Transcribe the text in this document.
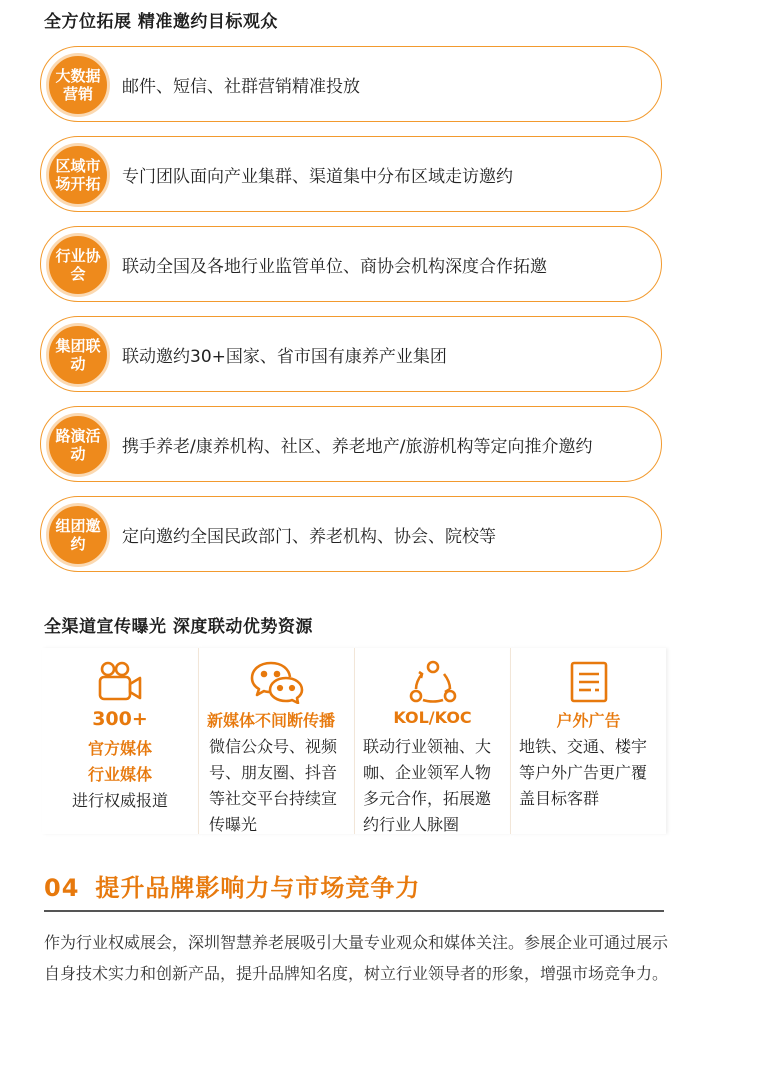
全方位拓展 精准邀约目标观众
大数据营销	邮件、短信、社群营销精准投放
区域市场开拓	专门团队面向产业集群、渠道集中分布区域走访邀约
行业协会	联动全国及各地行业监管单位、商协会机构深度合作拓邀
集团联动	联动邀约30+国家、省市国有康养产业集团
路演活动	携手养老/康养机构、社区、养老地产/旅游机构等定向推介邀约
组团邀约	定向邀约全国民政部门、养老机构、协会、院校等
全渠道宣传曝光 深度联动优势资源
300+
官方媒体
行业媒体
进行权威报道
新媒体不间断传播
微信公众号、视频号、朋友圈、抖音等社交平台持续宣传曝光
KOL/KOC
联动行业领袖、大咖、企业领军人物多元合作，拓展邀约行业人脉圈
户外广告
地铁、交通、楼宇等户外广告更广覆盖目标客群
04 提升品牌影响力与市场竞争力
作为行业权威展会，深圳智慧养老展吸引大量专业观众和媒体关注。参展企业可通过展示自身技术实力和创新产品，提升品牌知名度，树立行业领导者的形象，增强市场竞争力。
